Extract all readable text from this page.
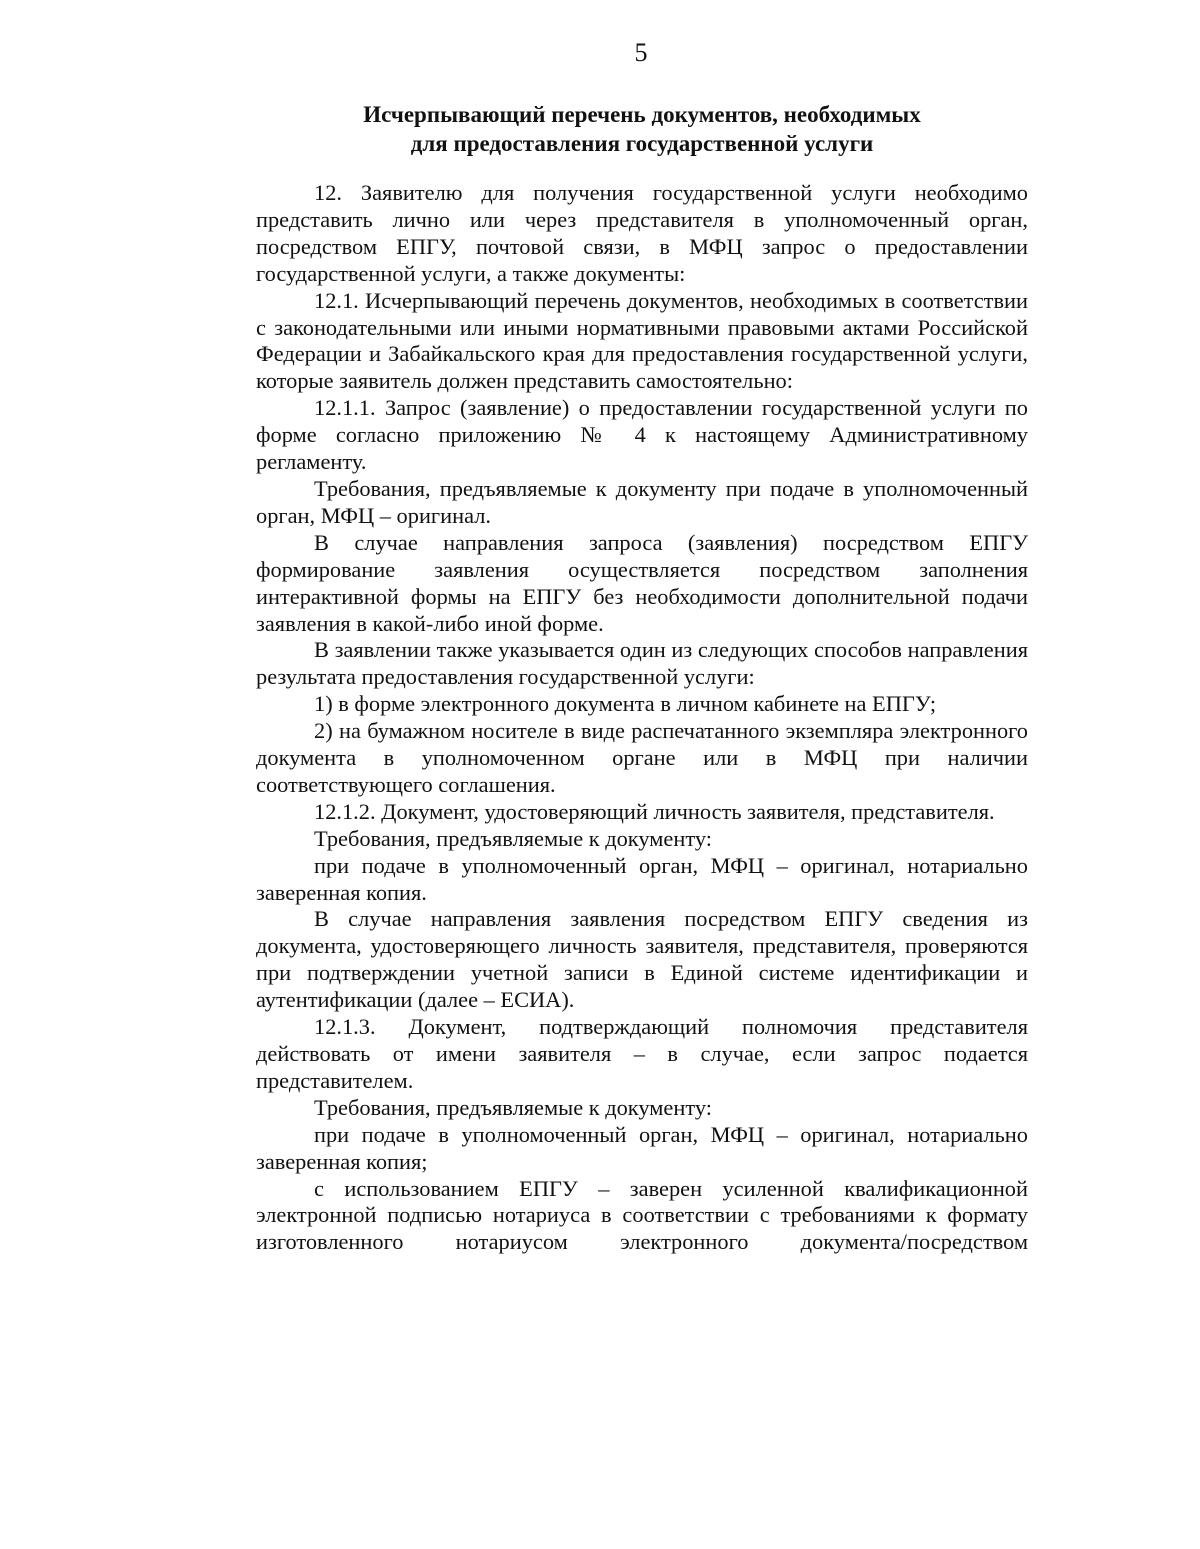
5
Исчерпывающий перечень документов, необходимых
для предоставления государственной услуги

12. Заявителю для получения государственной услуги необходимо представить лично или через представителя в уполномоченный орган, посредством ЕПГУ, почтовой связи, в МФЦ запрос о предоставлении государственной услуги, а также документы:

12.1. Исчерпывающий перечень документов, необходимых в соответствии с законодательными или иными нормативными правовыми актами Российской Федерации и Забайкальского края для предоставления государственной услуги, которые заявитель должен представить самостоятельно:

12.1.1. Запрос (заявление) о предоставлении государственной услуги по форме согласно приложению № 4 к настоящему Административному регламенту.

Требования, предъявляемые к документу при подаче в уполномоченный орган, МФЦ – оригинал.

В случае направления запроса (заявления) посредством ЕПГУ формирование заявления осуществляется посредством заполнения интерактивной формы на ЕПГУ без необходимости дополнительной подачи заявления в какой-либо иной форме.

В заявлении также указывается один из следующих способов направления результата предоставления государственной услуги:

1) в форме электронного документа в личном кабинете на ЕПГУ;

2) на бумажном носителе в виде распечатанного экземпляра электронного документа в уполномоченном органе или в МФЦ при наличии соответствующего соглашения.

12.1.2. Документ, удостоверяющий личность заявителя, представителя.

Требования, предъявляемые к документу:

при подаче в уполномоченный орган, МФЦ – оригинал, нотариально заверенная копия.

В случае направления заявления посредством ЕПГУ сведения из документа, удостоверяющего личность заявителя, представителя, проверяются при подтверждении учетной записи в Единой системе идентификации и аутентификации (далее – ЕСИА).

12.1.3. Документ, подтверждающий полномочия представителя действовать от имени заявителя – в случае, если запрос подается представителем.

Требования, предъявляемые к документу:

при подаче в уполномоченный орган, МФЦ – оригинал, нотариально заверенная копия;

с использованием ЕПГУ – заверен усиленной квалификационной электронной подписью нотариуса в соответствии с требованиями к формату изготовленного нотариусом электронного документа/посредством
